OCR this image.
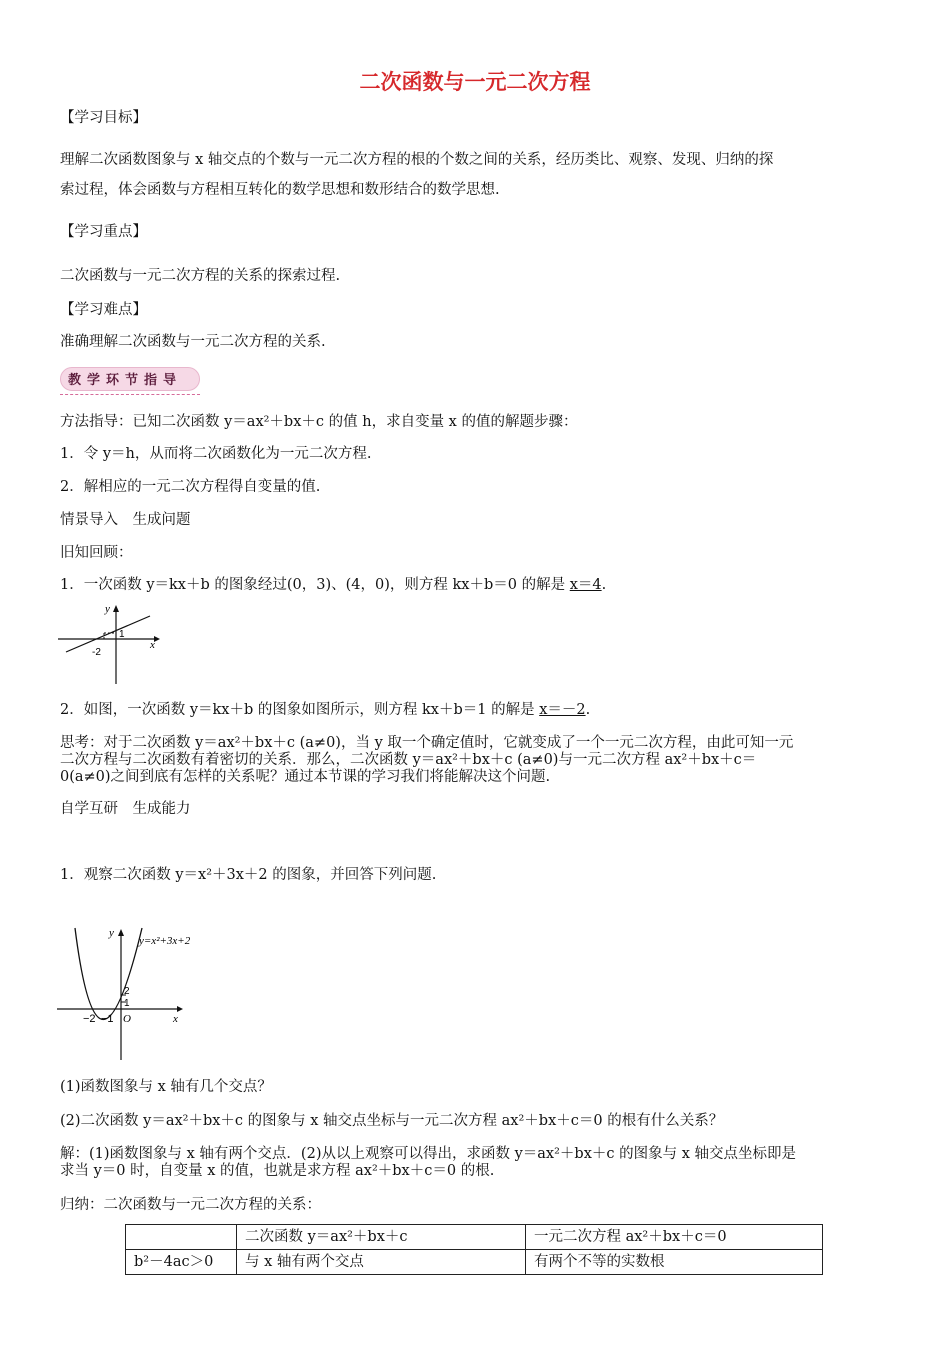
二次函数与一元二次方程
【学习目标】
理解二次函数图象与 x 轴交点的个数与一元二次方程的根的个数之间的关系，经历类比、观察、发现、归纳的探
索过程，体会函数与方程相互转化的数学思想和数形结合的数学思想.
【学习重点】
二次函数与一元二次方程的关系的探索过程.
【学习难点】
准确理解二次函数与一元二次方程的关系.
教学环节指导
方法指导：已知二次函数 y＝ax²＋bx＋c 的值 h，求自变量 x 的值的解题步骤：
1．令 y＝h，从而将二次函数化为一元二次方程.
2．解相应的一元二次方程得自变量的值.
情景导入　生成问题
旧知回顾：
1．一次函数 y＝kx＋b 的图象经过(0，3)、(4，0)，则方程 kx＋b＝0 的解是 x＝4.
y
x
1
-2
2．如图，一次函数 y＝kx＋b 的图象如图所示，则方程 kx＋b＝1 的解是 x＝－2.
思考：对于二次函数 y＝ax²＋bx＋c (a≠0)，当 y 取一个确定值时，它就变成了一个一元二次方程，由此可知一元
二次方程与二次函数有着密切的关系．那么，二次函数 y＝ax²＋bx＋c (a≠0)与一元二次方程 ax²＋bx＋c＝
0(a≠0)之间到底有怎样的关系呢？通过本节课的学习我们将能解决这个问题.
自学互研　生成能力
1．观察二次函数 y＝x²＋3x＋2 的图象，并回答下列问题.
y
x
y=x²+3x+2
2
1
−2 −1 O
(1)函数图象与 x 轴有几个交点？
(2)二次函数 y＝ax²＋bx＋c 的图象与 x 轴交点坐标与一元二次方程 ax²＋bx＋c＝0 的根有什么关系？
解：(1)函数图象与 x 轴有两个交点．(2)从以上观察可以得出，求函数 y＝ax²＋bx＋c 的图象与 x 轴交点坐标即是
求当 y＝0 时，自变量 x 的值，也就是求方程 ax²＋bx＋c＝0 的根.
归纳：二次函数与一元二次方程的关系：
	二次函数 y＝ax²＋bx＋c	一元二次方程 ax²＋bx＋c＝0
b²－4ac＞0	与 x 轴有两个交点	有两个不等的实数根
